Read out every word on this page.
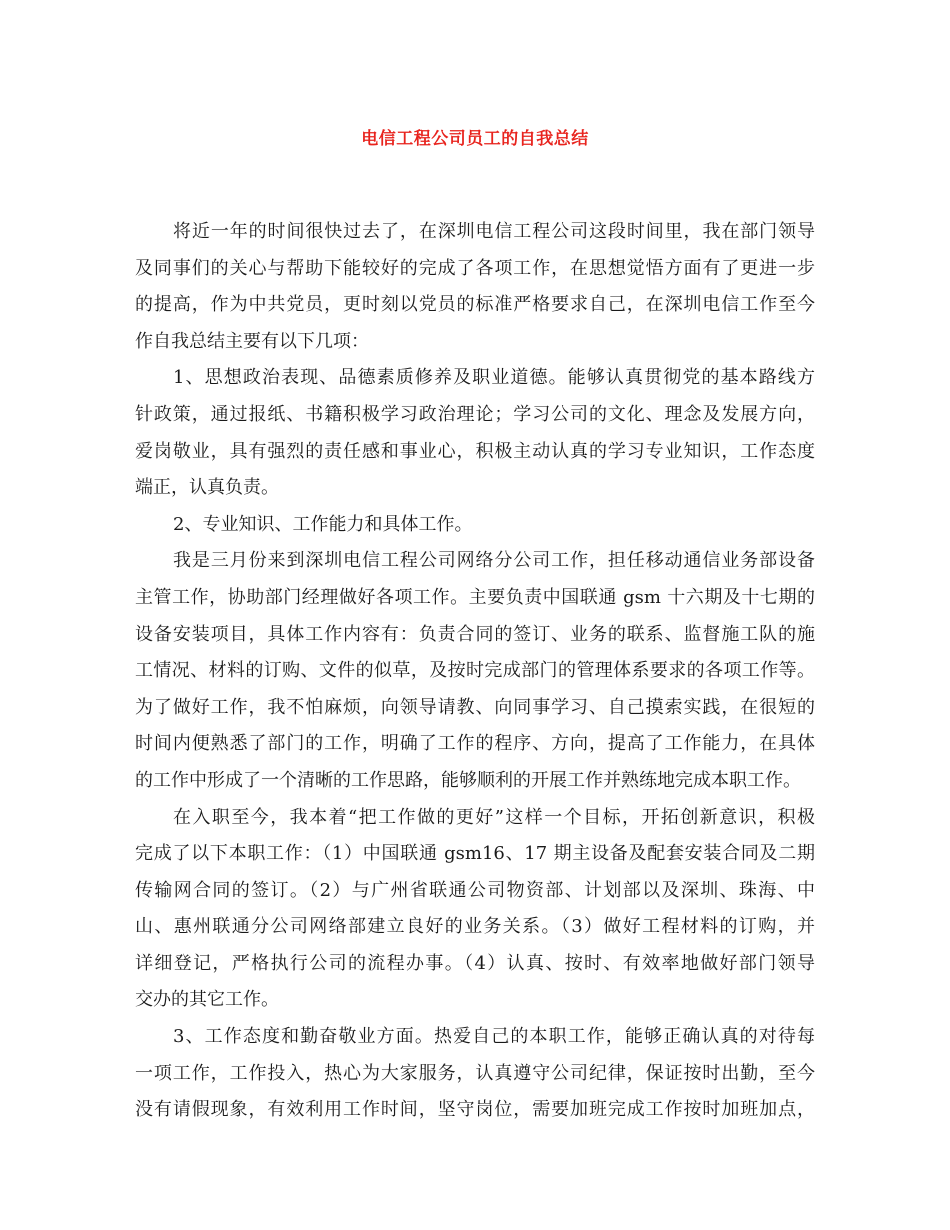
电信工程公司员工的自我总结
将近一年的时间很快过去了，在深圳电信工程公司这段时间里，我在部门领导
及同事们的关心与帮助下能较好的完成了各项工作，在思想觉悟方面有了更进一步
的提高，作为中共党员，更时刻以党员的标准严格要求自己，在深圳电信工作至今
作自我总结主要有以下几项：
1、思想政治表现、品德素质修养及职业道德。能够认真贯彻党的基本路线方
针政策，通过报纸、书籍积极学习政治理论；学习公司的文化、理念及发展方向，
爱岗敬业，具有强烈的责任感和事业心，积极主动认真的学习专业知识，工作态度
端正，认真负责。
2、专业知识、工作能力和具体工作。
我是三月份来到深圳电信工程公司网络分公司工作，担任移动通信业务部设备
主管工作，协助部门经理做好各项工作。主要负责中国联通 gsm 十六期及十七期的
设备安装项目，具体工作内容有：负责合同的签订、业务的联系、监督施工队的施
工情况、材料的订购、文件的似草，及按时完成部门的管理体系要求的各项工作等。
为了做好工作，我不怕麻烦，向领导请教、向同事学习、自己摸索实践，在很短的
时间内便熟悉了部门的工作，明确了工作的程序、方向，提高了工作能力，在具体
的工作中形成了一个清晰的工作思路，能够顺利的开展工作并熟练地完成本职工作。
在入职至今，我本着“把工作做的更好”这样一个目标，开拓创新意识，积极
完成了以下本职工作：（1）中国联通 gsm16、17 期主设备及配套安装合同及二期
传输网合同的签订。（2）与广州省联通公司物资部、计划部以及深圳、珠海、中
山、惠州联通分公司网络部建立良好的业务关系。（3）做好工程材料的订购，并
详细登记，严格执行公司的流程办事。（4）认真、按时、有效率地做好部门领导
交办的其它工作。
3、工作态度和勤奋敬业方面。热爱自己的本职工作，能够正确认真的对待每
一项工作，工作投入，热心为大家服务，认真遵守公司纪律，保证按时出勤，至今
没有请假现象，有效利用工作时间，坚守岗位，需要加班完成工作按时加班加点，
